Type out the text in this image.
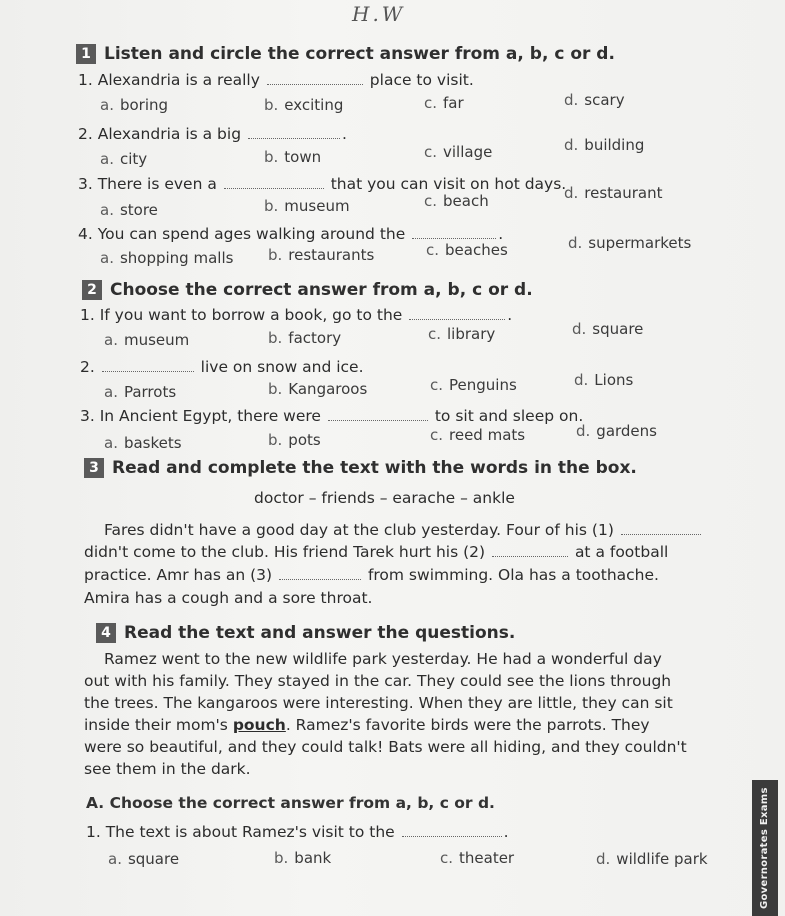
H.W
1 Listen and circle the correct answer from a, b, c or d.
1. Alexandria is a really	place to visit.
a. boring	b. exciting	c. far	d. scary
2. Alexandria is a big	.
a. city	b. town	c. village	d. building
3. There is even a	that you can visit on hot days.
a. store	b. museum	c. beach	d. restaurant
4. You can spend ages walking around the	.
a. shopping malls b. restaurants	c. beaches	d. supermarkets
2 Choose the correct answer from a, b, c or d.
1. If you want to borrow a book, go to the	.
a. museum	b. factory	c. library	d. square
2.	live on snow and ice.
a. Parrots	b. Kangaroos	c. Penguins	d. Lions
3. In Ancient Egypt, there were	to sit and sleep on.
a. baskets	b. pots	c. reed mats	d. gardens
3 Read and complete the text with the words in the box.
doctor – friends – earache – ankle
Fares didn't have a good day at the club yesterday. Four of his (1)
didn't come to the club. His friend Tarek hurt his (2)	at a football
practice. Amr has an (3)	from swimming. Ola has a toothache.
Amira has a cough and a sore throat.
4 Read the text and answer the questions.
Ramez went to the new wildlife park yesterday. He had a wonderful day
out with his family. They stayed in the car. They could see the lions through
the trees. The kangaroos were interesting. When they are little, they can sit
inside their mom's pouch. Ramez's favorite birds were the parrots. They
were so beautiful, and they could talk! Bats were all hiding, and they couldn't
see them in the dark.
A. Choose the correct answer from a, b, c or d.
1. The text is about Ramez's visit to the	.
a. square	b. bank	c. theater	d. wildlife park	Governorates Exams
